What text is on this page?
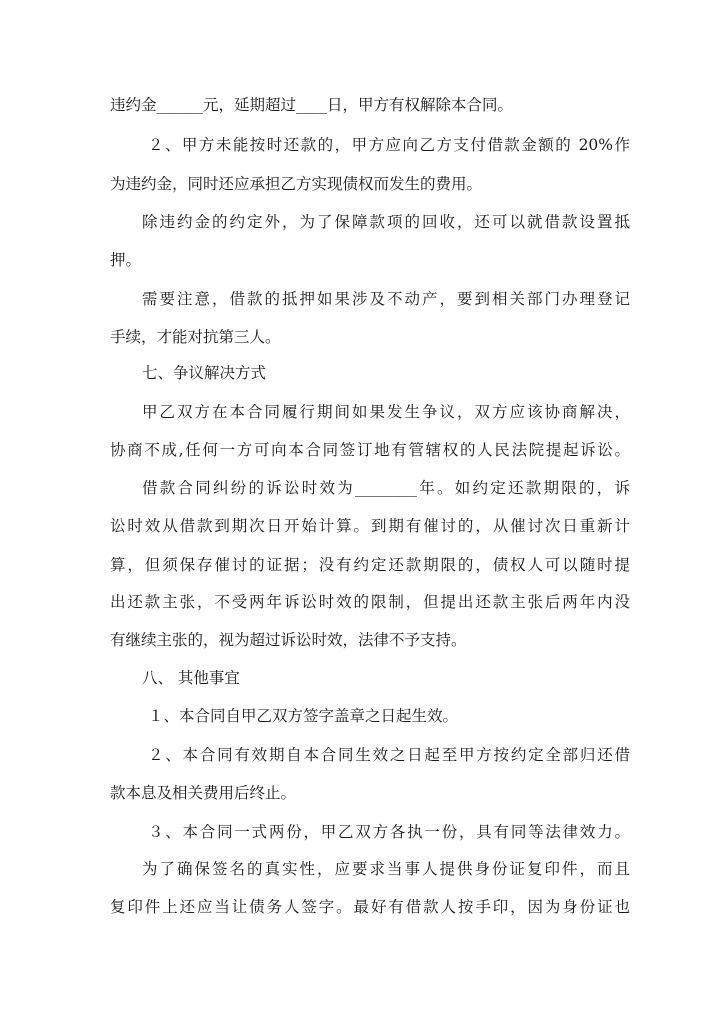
违约金______元，延期超过____日，甲方有权解除本合同。
２、甲方未能按时还款的，甲方应向乙方支付借款金额的 20%作
为违约金，同时还应承担乙方实现债权而发生的费用。
除违约金的约定外，为了保障款项的回收，还可以就借款设置抵
押。
需要注意，借款的抵押如果涉及不动产，要到相关部门办理登记
手续，才能对抗第三人。
七、争议解决方式
甲乙双方在本合同履行期间如果发生争议，双方应该协商解决，
协商不成,任何一方可向本合同签订地有管辖权的人民法院提起诉讼。
借款合同纠纷的诉讼时效为________年。如约定还款期限的，诉
讼时效从借款到期次日开始计算。到期有催讨的，从催讨次日重新计
算，但须保存催讨的证据；没有约定还款期限的，债权人可以随时提
出还款主张，不受两年诉讼时效的限制，但提出还款主张后两年内没
有继续主张的，视为超过诉讼时效，法律不予支持。
八、 其他事宜
１、本合同自甲乙双方签字盖章之日起生效。
２、本合同有效期自本合同生效之日起至甲方按约定全部归还借
款本息及相关费用后终止。
３、本合同一式两份，甲乙双方各执一份，具有同等法律效力。
为了确保签名的真实性，应要求当事人提供身份证复印件，而且
复印件上还应当让债务人签字。最好有借款人按手印，因为身份证也
